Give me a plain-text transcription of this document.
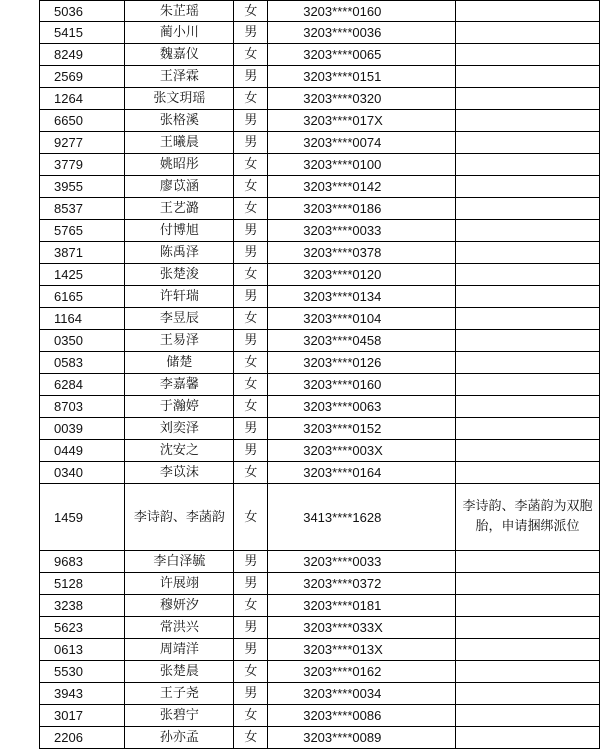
5036	朱芷瑶	女	3203****0160	
5415	蔺小川	男	3203****0036	
8249	魏嘉仪	女	3203****0065	
2569	王泽霖	男	3203****0151	
1264	张文玥瑶	女	3203****0320	
6650	张格溪	男	3203****017X	
9277	王曦晨	男	3203****0074	
3779	姚昭彤	女	3203****0100	
3955	廖苡涵	女	3203****0142	
8537	王艺潞	女	3203****0186	
5765	付博旭	男	3203****0033	
3871	陈禹泽	男	3203****0378	
1425	张楚浚	女	3203****0120	
6165	许轩瑞	男	3203****0134	
1164	李昱辰	女	3203****0104	
0350	王易泽	男	3203****0458	
0583	储楚	女	3203****0126	
6284	李嘉馨	女	3203****0160	
8703	于瀚婷	女	3203****0063	
0039	刘奕泽	男	3203****0152	
0449	沈安之	男	3203****003X	
0340	李苡沫	女	3203****0164	
1459	李诗韵、李菡韵	女	3413****1628	李诗韵、李菡韵为双胞胎，申请捆绑派位
9683	李白泽毓	男	3203****0033	
5128	许展翊	男	3203****0372	
3238	穆妍汐	女	3203****0181	
5623	常洪兴	男	3203****033X	
0613	周靖洋	男	3203****013X	
5530	张楚晨	女	3203****0162	
3943	王子尧	男	3203****0034	
3017	张碧宁	女	3203****0086	
2206	孙亦孟	女	3203****0089	
